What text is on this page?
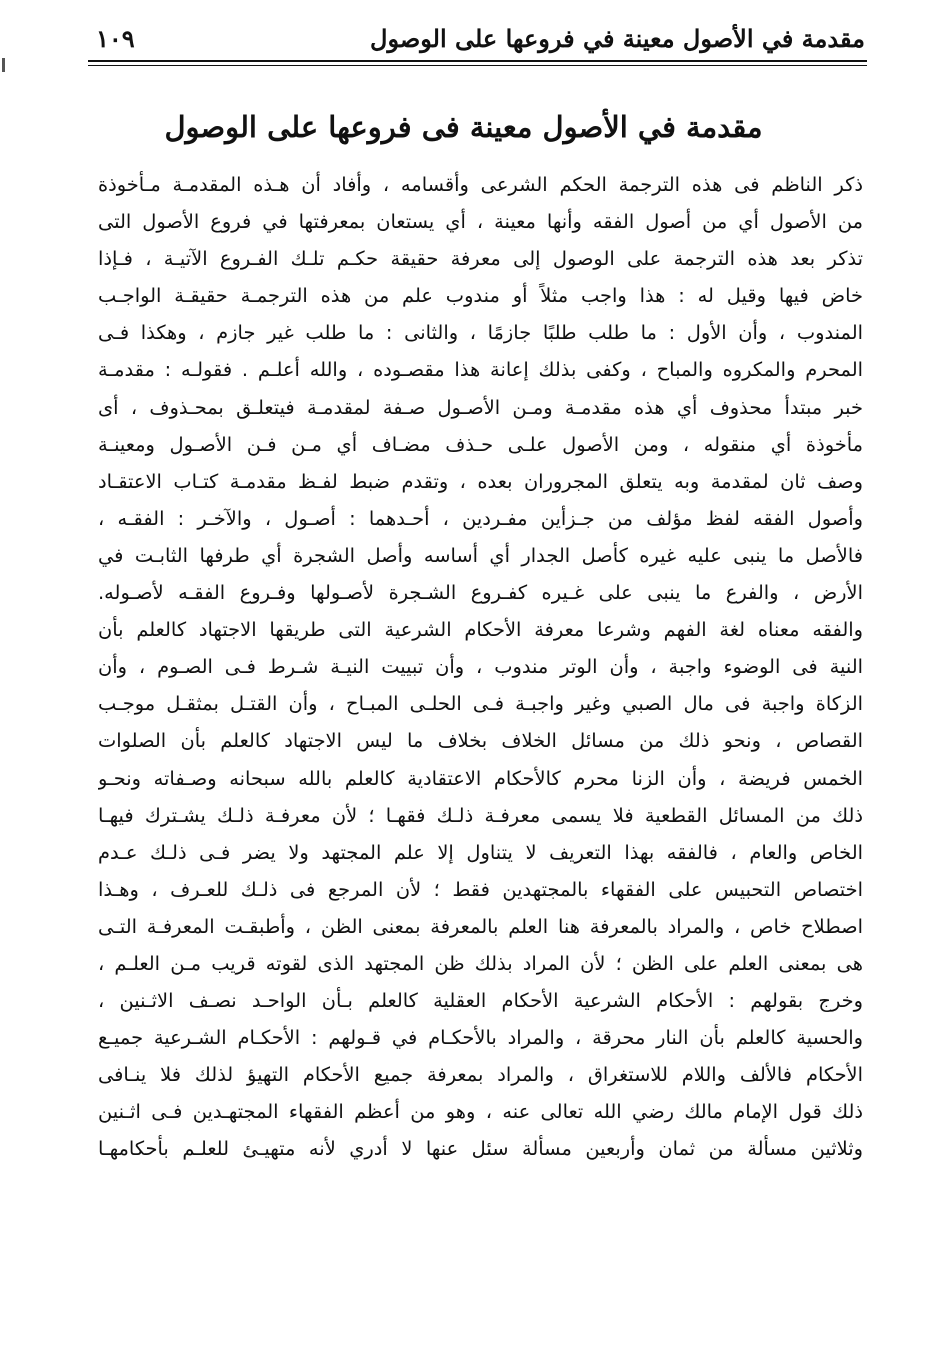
مقدمة في الأصول معينة في فروعها على الوصول
١٠٩
مقدمة في الأصول معينة فى فروعها على الوصول
ذكر الناظم فى هذه الترجمة الحكم الشرعى وأقسامه ، وأفاد أن هـذه المقدمـة مـأخوذة
من الأصول أي من أصول الفقه وأنها معينة ، أي يستعان بمعرفتها في فروع الأصول التى
تذكر بعد هذه الترجمة على الوصول إلى معرفة حقيقة حكـم تلـك الفـروع الآتيـة ، فـإذا
خاض فيها وقيل له : هذا واجب مثلاً أو مندوب علم من هذه الترجمـة حقيقـة الواجـب
المندوب ، وأن الأول : ما طلب طلبًا جازمًا ، والثانى : ما طلب غير جازم ، وهكذا فـى
المحرم والمكروه والمباح ، وكفى بذلك إعانة هذا مقصـوده ، والله أعلـم . فقولـه : مقدمـة
خبر مبتدأ محذوف أي هذه مقدمـة ومـن الأصـول صـفة لمقدمـة فيتعلـق بمحـذوف ، أى
مأخوذة أي منقوله ، ومن الأصول علـى حـذف مضـاف أي مـن فـن الأصـول ومعينـة
وصف ثان لمقدمة وبه يتعلق المجروران بعده ، وتقدم ضبط لفـظ مقدمـة كتـاب الاعتقـاد
وأصول الفقه لفظ مؤلف من جـزأين مفـردين ، أحـدهما : أصـول ، والآخـر : الفقـه ،
فالأصل ما ينبى عليه غيره كأصل الجدار أي أساسه وأصل الشجرة أي طرفها الثابـت في
الأرض ، والفرع ما ينبى على غـيره كفـروع الشـجرة لأصـولها وفـروع الفقـه لأصـوله.
والفقه معناه لغة الفهم وشرعا معرفة الأحكام الشرعية التى طريقها الاجتهاد كالعلم بأن
النية فى الوضوء واجبة ، وأن الوتر مندوب ، وأن تبييت النيـة شـرط فـى الصـوم ، وأن
الزكاة واجبة فى مال الصبي وغير واجبـة فـى الحلـى المبـاح ، وأن القتـل بمثقـل موجـب
القصاص ، ونحو ذلك من مسائل الخلاف بخلاف ما ليس الاجتهاد كالعلم بأن الصلوات
الخمس فريضة ، وأن الزنا محرم كالأحكام الاعتقادية كالعلم بالله سبحانه وصـفاته ونحـو
ذلك من المسائل القطعية فلا يسمى معرفـة ذلـك فقهـا ؛ لأن معرفـة ذلـك يشـترك فيهـا
الخاص والعام ، فالفقه بهذا التعريف لا يتناول إلا علم المجتهد ولا يضر فـى ذلـك عـدم
اختصاص التحبيس على الفقهاء بالمجتهدين فقط ؛ لأن المرجع فى ذلـك للعـرف ، وهـذا
اصطلاح خاص ، والمراد بالمعرفة هنا العلم بالمعرفة بمعنى الظن ، وأطبقـت المعرفـة التـى
هى بمعنى العلم على الظن ؛ لأن المراد بذلك ظن المجتهد الذى لقوته قريب مـن العلـم ،
وخرج بقولهم : الأحكام الشرعية الأحكام العقلية كالعلم بـأن الواحـد نصـف الاثـنين ،
والحسية كالعلم بأن النار محرقة ، والمراد بالأحكـام في قـولهم : الأحكـام الشـرعية جميـع
الأحكام فالألف واللام للاستغراق ، والمراد بمعرفة جميع الأحكام التهيؤ لذلك فلا ينـافى
ذلك قول الإمام مالك رضي الله تعالى عنه ، وهو من أعظم الفقهاء المجتهـدين فـى اثـنين
وثلاثين مسألة من ثمان وأربعين مسألة سئل عنها لا أدري لأنه متهيـئ للعلـم بأحكامهـا
